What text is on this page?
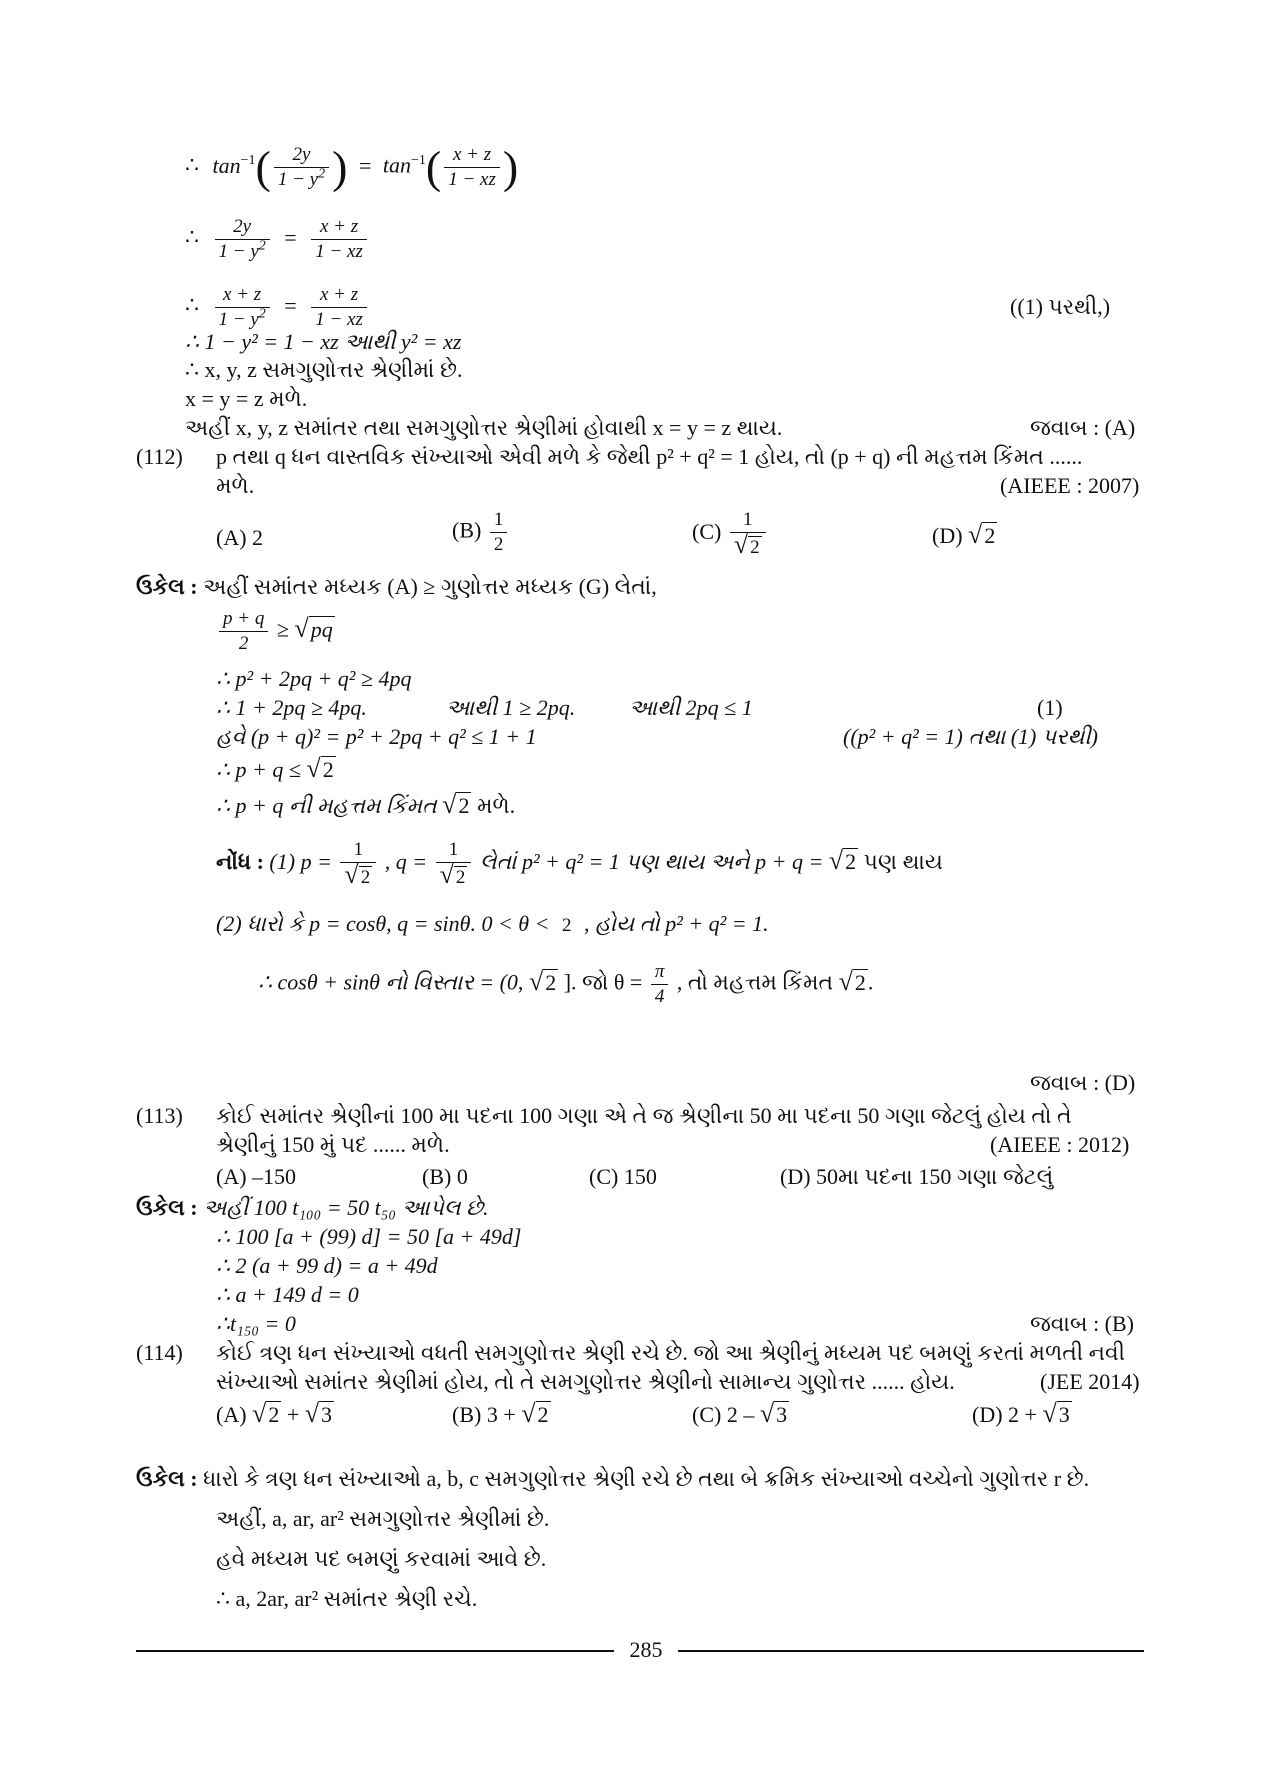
∴ $\tan^{-1}( \frac{2y}{1 - y^2}$ ) = $\tan^{-1}( \frac{x + z}{1 - xz}$ )
∴ $\frac{2y}{1 - y^2} = \frac{x + z}{1 - xz}$
∴ $\frac{x + z}{1 - y^2} = \frac{x + z}{1 - xz}$	((1) પરથી,)
∴ 1 − y² = 1 − xz આથી y² = xz
∴ x, y, z સમગુણોત્તર શ્રેણીમાં છે.
x = y = z મળે.
અહીં x, y, z સમાંતર તથા સમગુણોત્તર શ્રેણીમાં હોવાથી x = y = z થાય.	જવાબ : (A)
(112) p તથા q ધન વાસ્તવિક સંખ્યાઓ એવી મળે કે જેથી p² + q² = 1 હોય, તો (p + q) ની મહત્તમ કિંમત ......
મળે.	(AIEEE : 2007)
(A) 2	$(B) \frac{1}{2}$	$(C) \frac{1}{√ 2}$	(D) √2
ઉકેલ : અહીં સમાંતર મધ્યક (A) ≥ ગુણોત્તર મધ્યક (G) લેતાં,
$\frac{p + q}{2} \ge √pq$
∴ p² + 2pq + q² ≥ 4pq
∴ 1 + 2pq ≥ 4pq.	આથી 1 ≥ 2pq. આથી 2pq ≤ 1	(1)
હવે (p + q)² = p² + 2pq + q² ≤ 1 + 1	((p² + q² = 1) તથા (1) પરથી)
∴ p + q ≤ √2
∴ p + q ની મહત્તમ કિંમત √2 મળે.
નોંધ : (1) $p = \frac{1}{√ 2}$ , $q = \frac{1}{√ 2}$ લેતાં p² + q² = 1 પણ થાય અને p + q = √2 પણ થાય
(2) ધારો કે p = cosθ, q = sinθ. 0 < θ < 2 , હોય તો p² + q² = 1.
∴ cosθ + sinθ નો વિસ્તાર = (0, √2 ]. જો $\theta = \frac{\pi}{4}$ , તો મહત્તમ કિંમત √2.
જવાબ : (D)
(113) કોઈ સમાંતર શ્રેણીનાં 100 મા પદના 100 ગણા એ તે જ શ્રેણીના 50 મા પદના 50 ગણા જેટલું હોય તો તે
શ્રેણીનું 150 મું પદ ...... મળે.	(AIEEE : 2012)
(A) –150	(B) 0	(C) 150	(D) 50મા પદના 150 ગણા જેટલું
ઉકેલ : અહીં 100 t₁₀₀ = 50 t₅₀ આપેલ છે.
∴ 100 [a + (99) d] = 50 [a + 49d]
∴ 2 (a + 99 d) = a + 49d
∴ a + 149 d = 0
∴t₁₅₀ = 0	જવાબ : (B)
(114) કોઈ ત્રણ ધન સંખ્યાઓ વધતી સમગુણોત્તર શ્રેણી રચે છે. જો આ શ્રેણીનું મધ્યમ પદ બમણું કરતાં મળતી નવી
સંખ્યાઓ સમાંતર શ્રેણીમાં હોય, તો તે સમગુણોત્તર શ્રેણીનો સામાન્ય ગુણોત્તર ...... હોય.	(JEE 2014)
(A) √2 + √3	(B) 3 + √2	(C) 2 – √3	(D) 2 + √3
ઉકેલ : ધારો કે ત્રણ ધન સંખ્યાઓ a, b, c સમગુણોત્તર શ્રેણી રચે છે તથા બે ક્રમિક સંખ્યાઓ વચ્ચેનો ગુણોત્તર r છે.
અહીં, a, ar, ar² સમગુણોત્તર શ્રેણીમાં છે.
હવે મધ્યમ પદ બમણું કરવામાં આવે છે.
∴ a, 2ar, ar² સમાંતર શ્રેણી રચે.
285
